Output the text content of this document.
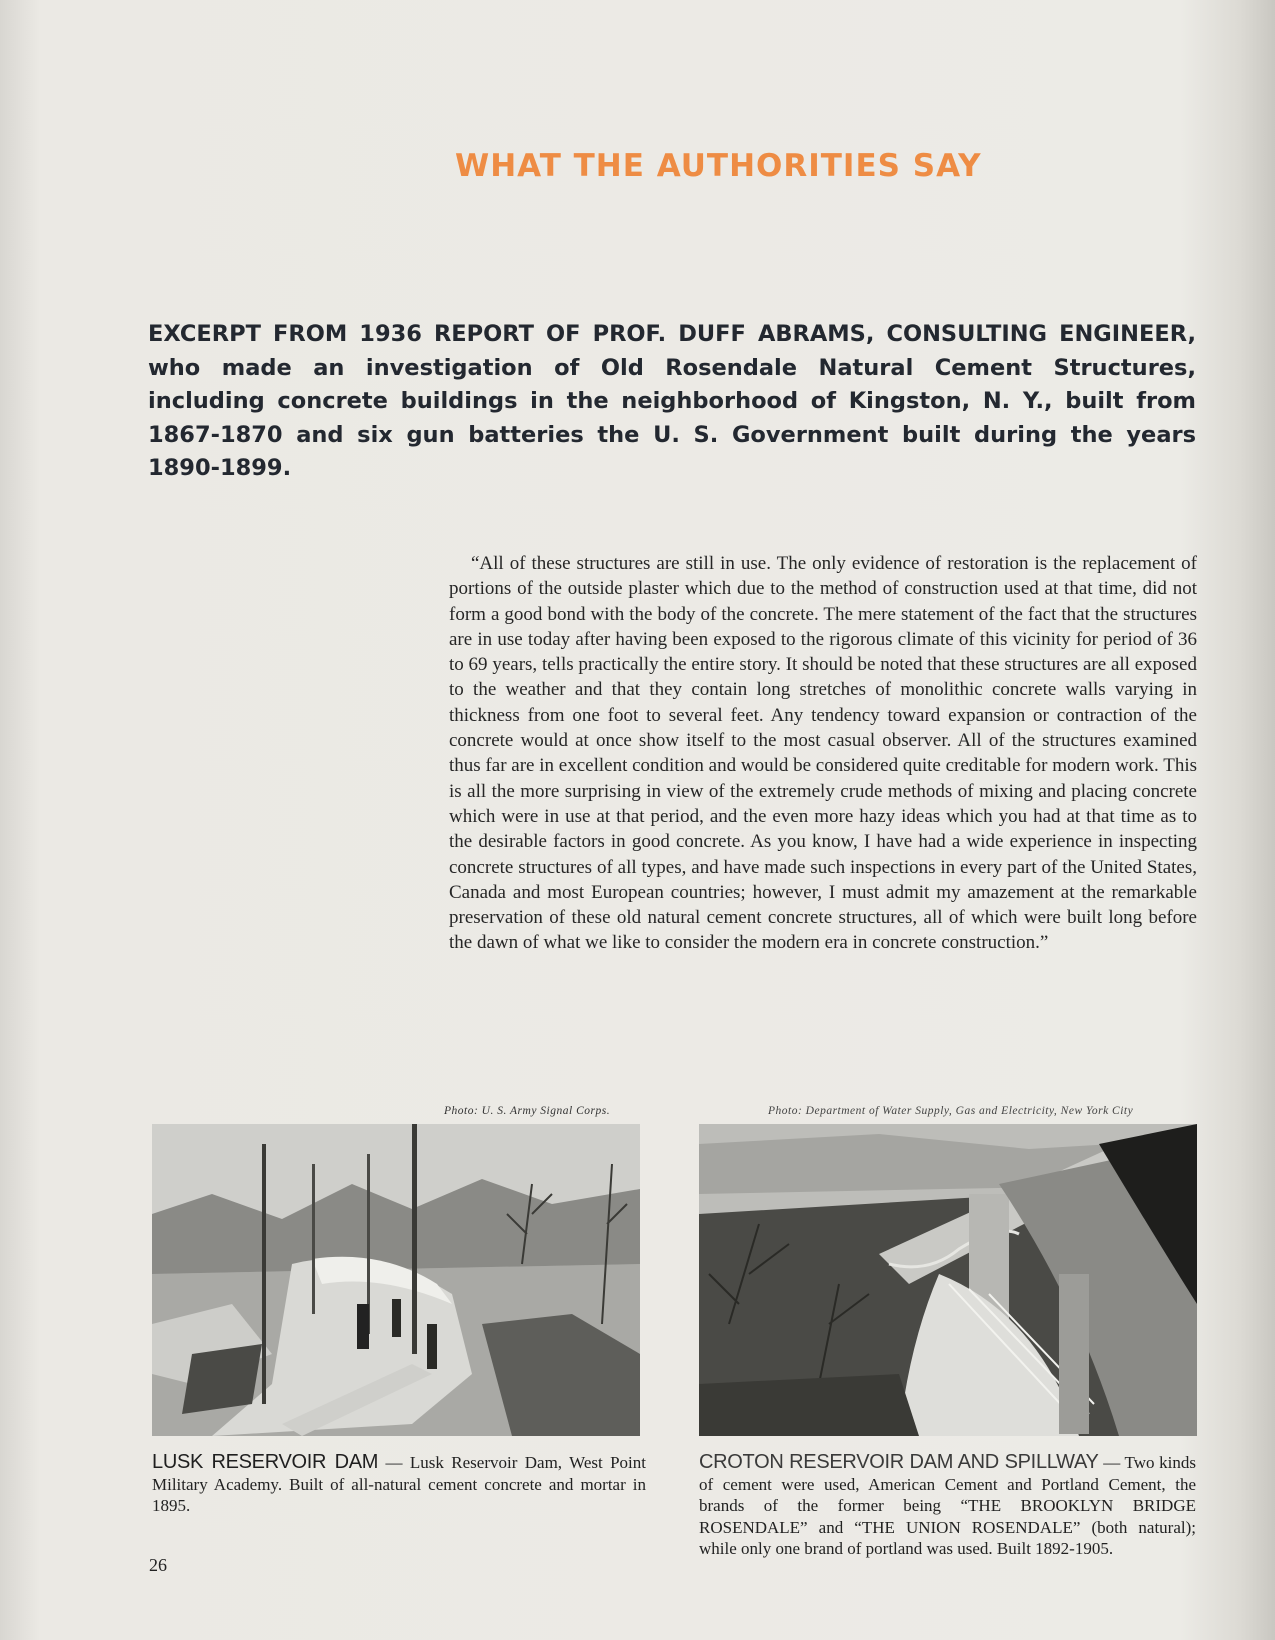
WHAT THE AUTHORITIES SAY

EXCERPT FROM 1936 REPORT OF PROF. DUFF ABRAMS, CONSULTING ENGINEER, who made an investigation of Old Rosendale Natural Cement Structures, including concrete buildings in the neighborhood of Kingston, N. Y., built from 1867-1870 and six gun batteries the U. S. Government built during the years 1890-1899.

“All of these structures are still in use. The only evidence of restoration is the replacement of portions of the outside plaster which due to the method of construction used at that time, did not form a good bond with the body of the concrete. The mere statement of the fact that the structures are in use today after having been exposed to the rigorous climate of this vicinity for period of 36 to 69 years, tells practically the entire story. It should be noted that these structures are all exposed to the weather and that they contain long stretches of monolithic concrete walls varying in thickness from one foot to several feet. Any tendency toward expansion or contraction of the concrete would at once show itself to the most casual observer. All of the structures examined thus far are in excellent condition and would be considered quite creditable for modern work. This is all the more surprising in view of the extremely crude methods of mixing and placing concrete which were in use at that period, and the even more hazy ideas which you had at that time as to the desirable factors in good concrete. As you know, I have had a wide experience in inspecting concrete structures of all types, and have made such inspections in every part of the United States, Canada and most European countries; however, I must admit my amazement at the remarkable preservation of these old natural cement concrete structures, all of which were built long before the dawn of what we like to consider the modern era in concrete construction.”

Photo: U. S. Army Signal Corps.	Photo: Department of Water Supply, Gas and Electricity, New York City

LUSK RESERVOIR DAM — Lusk Reservoir Dam, West Point Military Academy. Built of all-natural cement concrete and mortar in 1895.

CROTON RESERVOIR DAM AND SPILLWAY — Two kinds of cement were used, American Cement and Portland Cement, the brands of the former being “THE BROOKLYN BRIDGE ROSENDALE” and “THE UNION ROSENDALE” (both natural); while only one brand of portland was used. Built 1892-1905.

26
